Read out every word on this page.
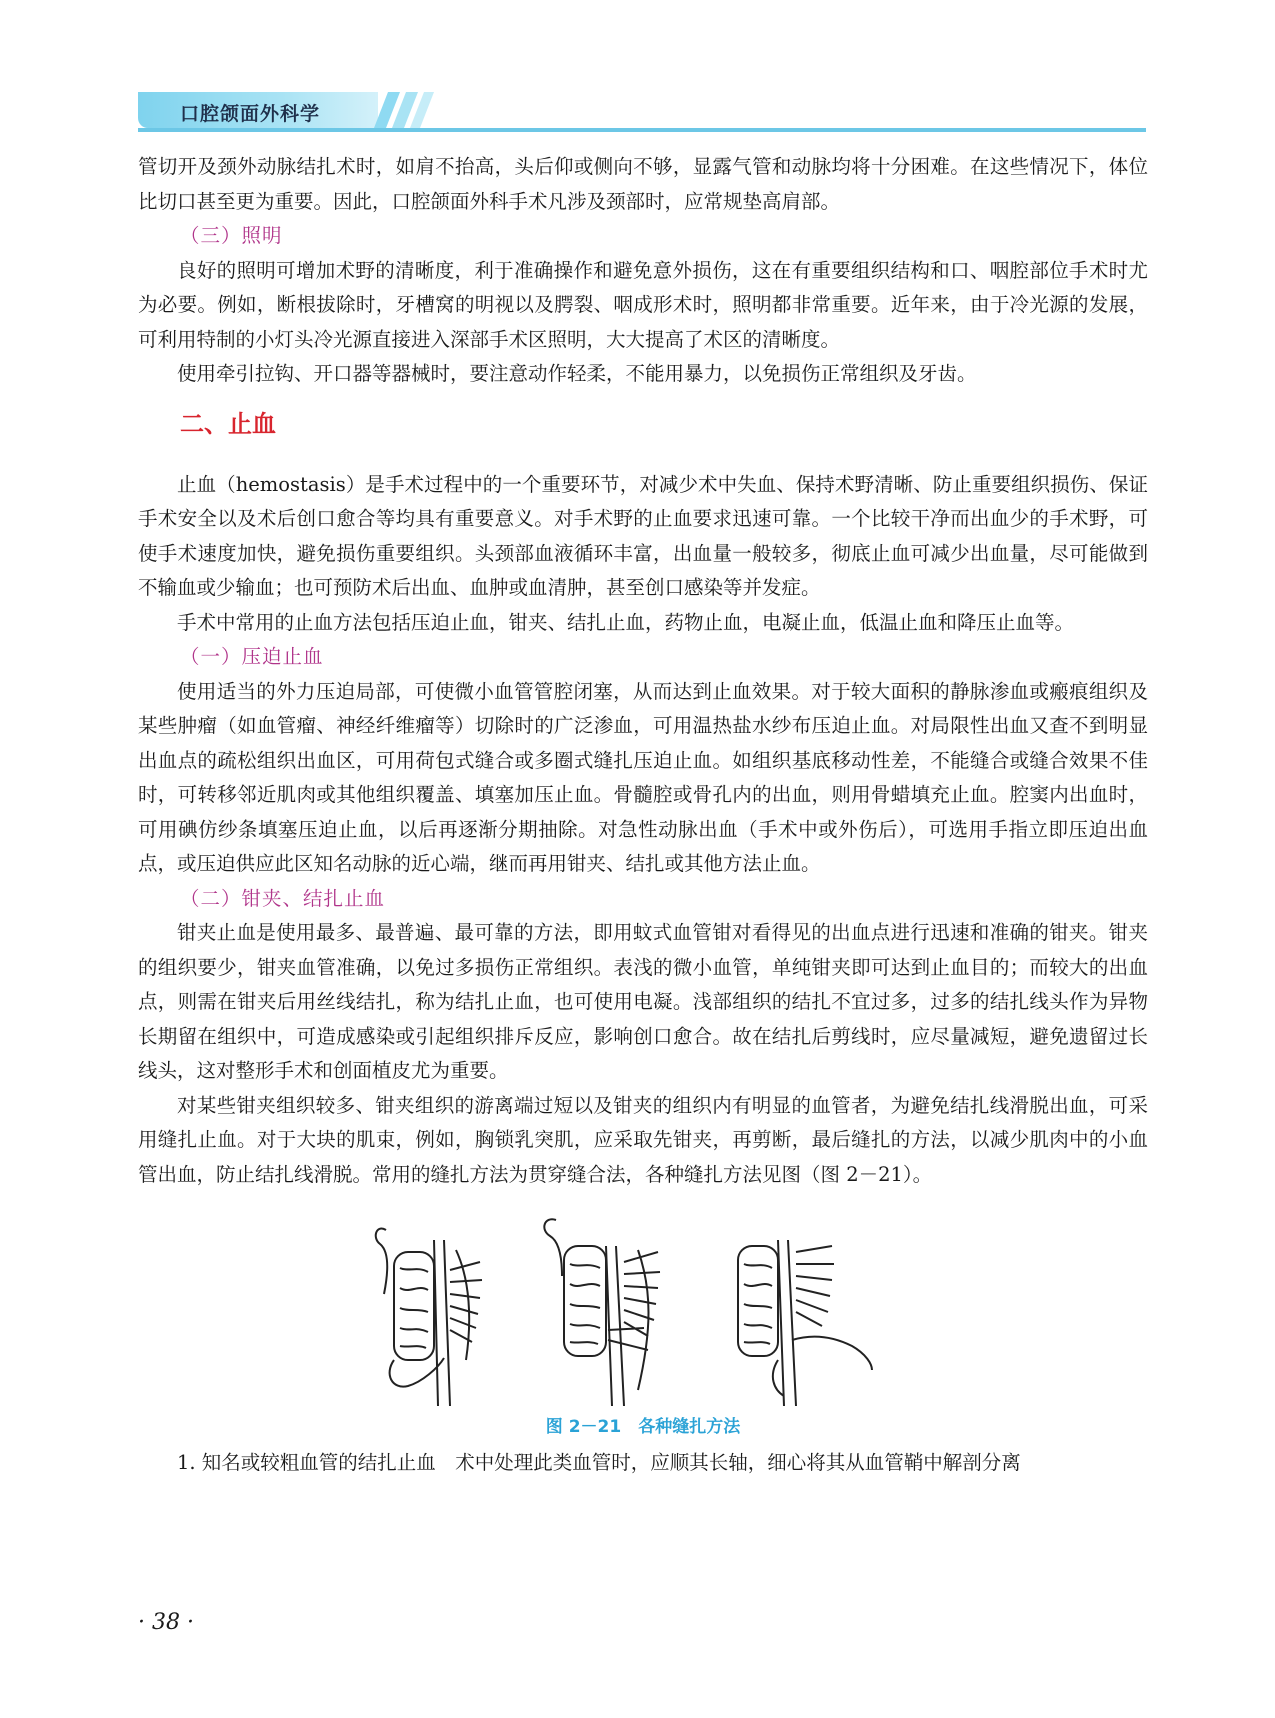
口腔颌面外科学

管切开及颈外动脉结扎术时，如肩不抬高，头后仰或侧向不够，显露气管和动脉均将十分困难。在这些情况下，体位比切口甚至更为重要。因此，口腔颌面外科手术凡涉及颈部时，应常规垫高肩部。

（三）照明

良好的照明可增加术野的清晰度，利于准确操作和避免意外损伤，这在有重要组织结构和口、咽腔部位手术时尤为必要。例如，断根拔除时，牙槽窝的明视以及腭裂、咽成形术时，照明都非常重要。近年来，由于冷光源的发展，可利用特制的小灯头冷光源直接进入深部手术区照明，大大提高了术区的清晰度。

使用牵引拉钩、开口器等器械时，要注意动作轻柔，不能用暴力，以免损伤正常组织及牙齿。

二、止血

止血（hemostasis）是手术过程中的一个重要环节，对减少术中失血、保持术野清晰、防止重要组织损伤、保证手术安全以及术后创口愈合等均具有重要意义。对手术野的止血要求迅速可靠。一个比较干净而出血少的手术野，可使手术速度加快，避免损伤重要组织。头颈部血液循环丰富，出血量一般较多，彻底止血可减少出血量，尽可能做到不输血或少输血；也可预防术后出血、血肿或血清肿，甚至创口感染等并发症。

手术中常用的止血方法包括压迫止血，钳夹、结扎止血，药物止血，电凝止血，低温止血和降压止血等。

（一）压迫止血

使用适当的外力压迫局部，可使微小血管管腔闭塞，从而达到止血效果。对于较大面积的静脉渗血或瘢痕组织及某些肿瘤（如血管瘤、神经纤维瘤等）切除时的广泛渗血，可用温热盐水纱布压迫止血。对局限性出血又查不到明显出血点的疏松组织出血区，可用荷包式缝合或多圈式缝扎压迫止血。如组织基底移动性差，不能缝合或缝合效果不佳时，可转移邻近肌肉或其他组织覆盖、填塞加压止血。骨髓腔或骨孔内的出血，则用骨蜡填充止血。腔窦内出血时，可用碘仿纱条填塞压迫止血，以后再逐渐分期抽除。对急性动脉出血（手术中或外伤后），可选用手指立即压迫出血点，或压迫供应此区知名动脉的近心端，继而再用钳夹、结扎或其他方法止血。

（二）钳夹、结扎止血

钳夹止血是使用最多、最普遍、最可靠的方法，即用蚊式血管钳对看得见的出血点进行迅速和准确的钳夹。钳夹的组织要少，钳夹血管准确，以免过多损伤正常组织。表浅的微小血管，单纯钳夹即可达到止血目的；而较大的出血点，则需在钳夹后用丝线结扎，称为结扎止血，也可使用电凝。浅部组织的结扎不宜过多，过多的结扎线头作为异物长期留在组织中，可造成感染或引起组织排斥反应，影响创口愈合。故在结扎后剪线时，应尽量减短，避免遗留过长线头，这对整形手术和创面植皮尤为重要。

对某些钳夹组织较多、钳夹组织的游离端过短以及钳夹的组织内有明显的血管者，为避免结扎线滑脱出血，可采用缝扎止血。对于大块的肌束，例如，胸锁乳突肌，应采取先钳夹，再剪断，最后缝扎的方法，以减少肌肉中的小血管出血，防止结扎线滑脱。常用的缝扎方法为贯穿缝合法，各种缝扎方法见图（图 2－21）。

图 2－21　各种缝扎方法

1. 知名或较粗血管的结扎止血　术中处理此类血管时，应顺其长轴，细心将其从血管鞘中解剖分离

· 38 ·
